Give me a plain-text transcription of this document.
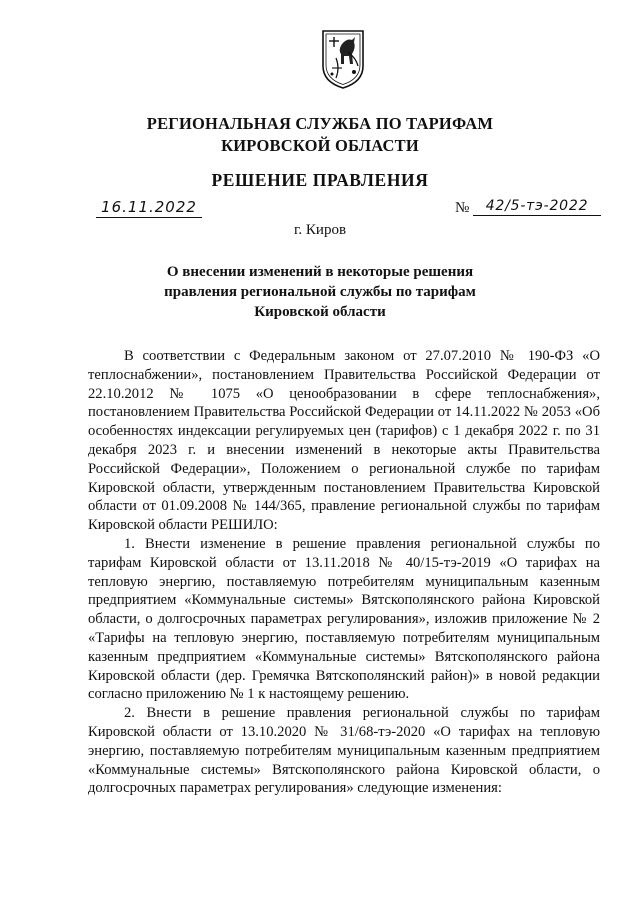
РЕГИОНАЛЬНАЯ СЛУЖБА ПО ТАРИФАМ
КИРОВСКОЙ ОБЛАСТИ
РЕШЕНИЕ ПРАВЛЕНИЯ
16.11.2022	№	42/5-тэ-2022
г. Киров
О внесении изменений в некоторые решения
правления региональной службы по тарифам
Кировской области

В соответствии с Федеральным законом от 27.07.2010 № 190-ФЗ «О теплоснабжении», постановлением Правительства Российской Федерации от 22.10.2012 № 1075 «О ценообразовании в сфере теплоснабжения», постановлением Правительства Российской Федерации от 14.11.2022 № 2053 «Об особенностях индексации регулируемых цен (тарифов) с 1 декабря 2022 г. по 31 декабря 2023 г. и внесении изменений в некоторые акты Правительства Российской Федерации», Положением о региональной службе по тарифам Кировской области, утвержденным постановлением Правительства Кировской области от 01.09.2008 № 144/365, правление региональной службы по тарифам Кировской области РЕШИЛО:

1. Внести изменение в решение правления региональной службы по тарифам Кировской области от 13.11.2018 № 40/15-тэ-2019 «О тарифах на тепловую энергию, поставляемую потребителям муниципальным казенным предприятием «Коммунальные системы» Вятскополянского района Кировской области, о долгосрочных параметрах регулирования», изложив приложение № 2 «Тарифы на тепловую энергию, поставляемую потребителям муниципальным казенным предприятием «Коммунальные системы» Вятскополянского района Кировской области (дер. Гремячка Вятскополянский район)» в новой редакции согласно приложению № 1 к настоящему решению.

2. Внести в решение правления региональной службы по тарифам Кировской области от 13.10.2020 № 31/68-тэ-2020 «О тарифах на тепловую энергию, поставляемую потребителям муниципальным казенным предприятием «Коммунальные системы» Вятскополянского района Кировской области, о долгосрочных параметрах регулирования» следующие изменения:
